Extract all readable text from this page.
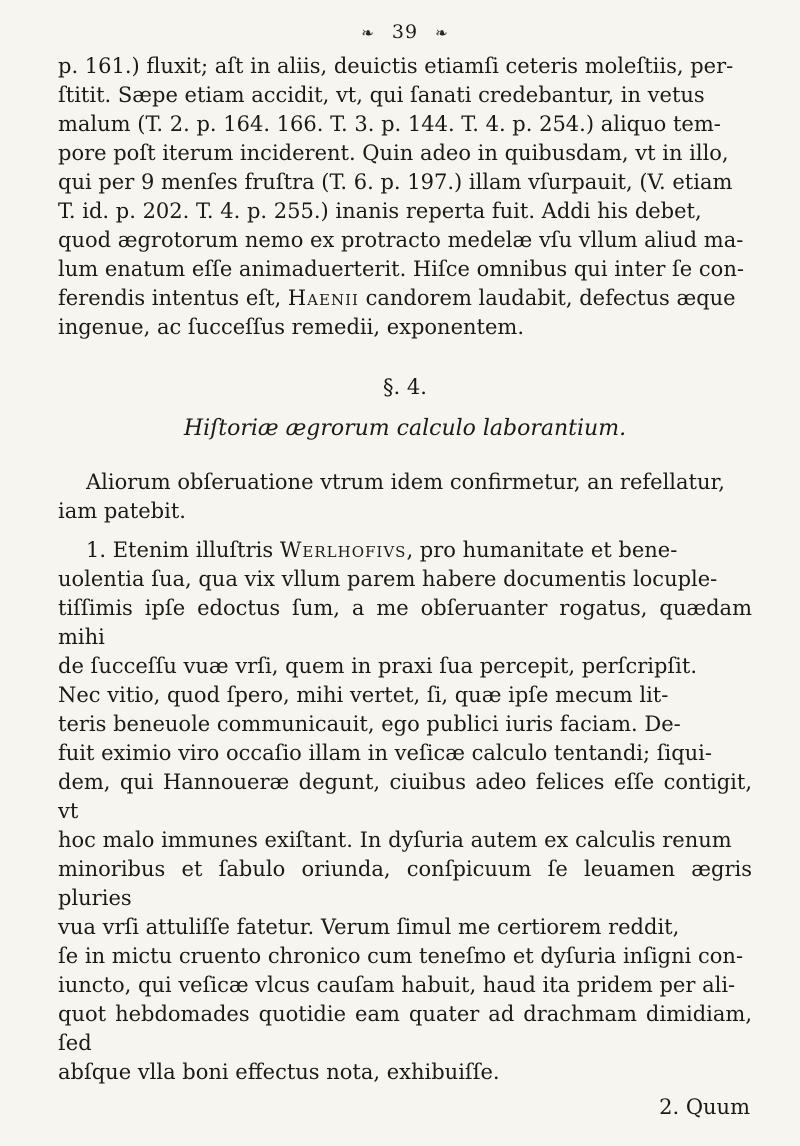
❧ 39 ❧

p. 161.) fluxit; aſt in aliis, deuictis etiamſi ceteris moleſtiis, per-

ſtitit. Sæpe etiam accidit, vt, qui ſanati credebantur, in vetus

malum (T. 2. p. 164. 166. T. 3. p. 144. T. 4. p. 254.) aliquo tem-

pore poſt iterum inciderent. Quin adeo in quibusdam, vt in illo,

qui per 9 menſes fruſtra (T. 6. p. 197.) illam vſurpauit, (V. etiam

T. id. p. 202. T. 4. p. 255.) inanis reperta fuit. Addi his debet,

quod ægrotorum nemo ex protracto medelæ vſu vllum aliud ma-

lum enatum eſſe animaduerterit. Hiſce omnibus qui inter ſe con-

ferendis intentus eſt, Haenii candorem laudabit, defectus æque

ingenue, ac ſucceſſus remedii, exponentem.

§. 4.
Hiſtoriæ ægrorum calculo laborantium.

Aliorum obſeruatione vtrum idem confirmetur, an refellatur,

iam patebit.

1. Etenim illuſtris Werlhofivs, pro humanitate et bene-

uolentia ſua, qua vix vllum parem habere documentis locuple-

tiſſimis ipſe edoctus ſum, a me obſeruanter rogatus, quædam mihi

de ſucceſſu vuæ vrſi, quem in praxi ſua percepit, perſcripſit.

Nec vitio, quod ſpero, mihi vertet, ſi, quæ ipſe mecum lit-

teris beneuole communicauit, ego publici iuris faciam. De-

fuit eximio viro occaſio illam in veſicæ calculo tentandi; ſiqui-

dem, qui Hannoueræ degunt, ciuibus adeo felices eſſe contigit, vt

hoc malo immunes exiſtant. In dyſuria autem ex calculis renum

minoribus et ſabulo oriunda, conſpicuum ſe leuamen ægris pluries

vua vrſi attuliſſe fatetur. Verum ſimul me certiorem reddit,

ſe in mictu cruento chronico cum teneſmo et dyſuria inſigni con-

iuncto, qui veſicæ vlcus cauſam habuit, haud ita pridem per ali-

quot hebdomades quotidie eam quater ad drachmam dimidiam, ſed

abſque vlla boni effectus nota, exhibuiſſe.

2. Quum
